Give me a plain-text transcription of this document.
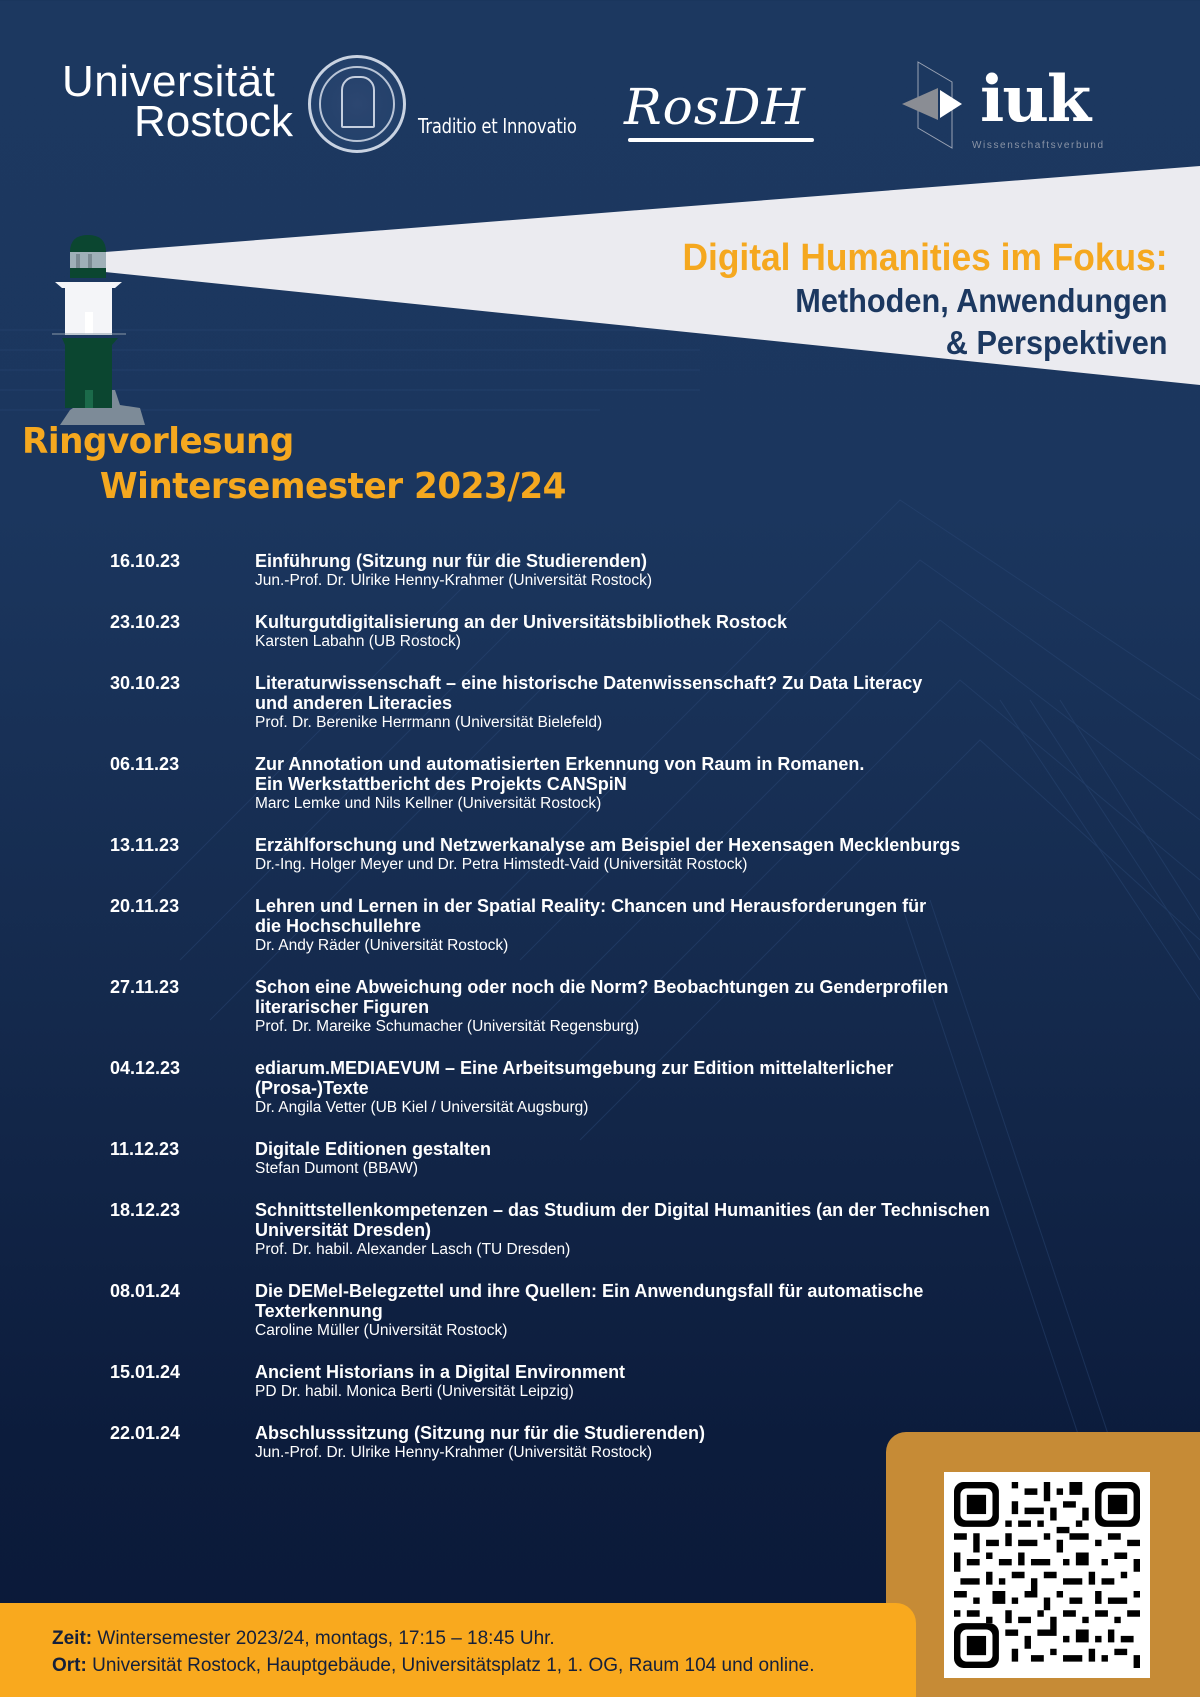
Universität
Rostock	Traditio et Innovatio RosDH	iuk
Wissenschaftsverbund
Digital Humanities im Fokus:
Methoden, Anwendungen
& Perspektiven
Ringvorlesung
Wintersemester 2023/24
16.10.23	Einführung (Sitzung nur für die Studierenden)
Jun.-Prof. Dr. Ulrike Henny-Krahmer (Universität Rostock)
23.10.23	Kulturgutdigitalisierung an der Universitätsbibliothek Rostock
Karsten Labahn (UB Rostock)
30.10.23	Literaturwissenschaft – eine historische Datenwissenschaft? Zu Data Literacy
und anderen Literacies
Prof. Dr. Berenike Herrmann (Universität Bielefeld)
06.11.23	Zur Annotation und automatisierten Erkennung von Raum in Romanen.
Ein Werkstattbericht des Projekts CANSpiN
Marc Lemke und Nils Kellner (Universität Rostock)
13.11.23	Erzählforschung und Netzwerkanalyse am Beispiel der Hexensagen Mecklenburgs
Dr.-Ing. Holger Meyer und Dr. Petra Himstedt-Vaid (Universität Rostock)
20.11.23	Lehren und Lernen in der Spatial Reality: Chancen und Herausforderungen für
die Hochschullehre
Dr. Andy Räder (Universität Rostock)
27.11.23	Schon eine Abweichung oder noch die Norm? Beobachtungen zu Genderprofilen
literarischer Figuren
Prof. Dr. Mareike Schumacher (Universität Regensburg)
04.12.23	ediarum.MEDIAEVUM – Eine Arbeitsumgebung zur Edition mittelalterlicher
(Prosa-)Texte
Dr. Angila Vetter (UB Kiel / Universität Augsburg)
11.12.23	Digitale Editionen gestalten
Stefan Dumont (BBAW)
18.12.23	Schnittstellenkompetenzen – das Studium der Digital Humanities (an der Technischen
Universität Dresden)
Prof. Dr. habil. Alexander Lasch (TU Dresden)
08.01.24	Die DEMel-Belegzettel und ihre Quellen: Ein Anwendungsfall für automatische
Texterkennung
Caroline Müller (Universität Rostock)
15.01.24	Ancient Historians in a Digital Environment
PD Dr. habil. Monica Berti (Universität Leipzig)
22.01.24	Abschlusssitzung (Sitzung nur für die Studierenden)
Jun.-Prof. Dr. Ulrike Henny-Krahmer (Universität Rostock)
Zeit: Wintersemester 2023/24, montags, 17:15 – 18:45 Uhr.
Ort: Universität Rostock, Hauptgebäude, Universitätsplatz 1, 1. OG, Raum 104 und online.
